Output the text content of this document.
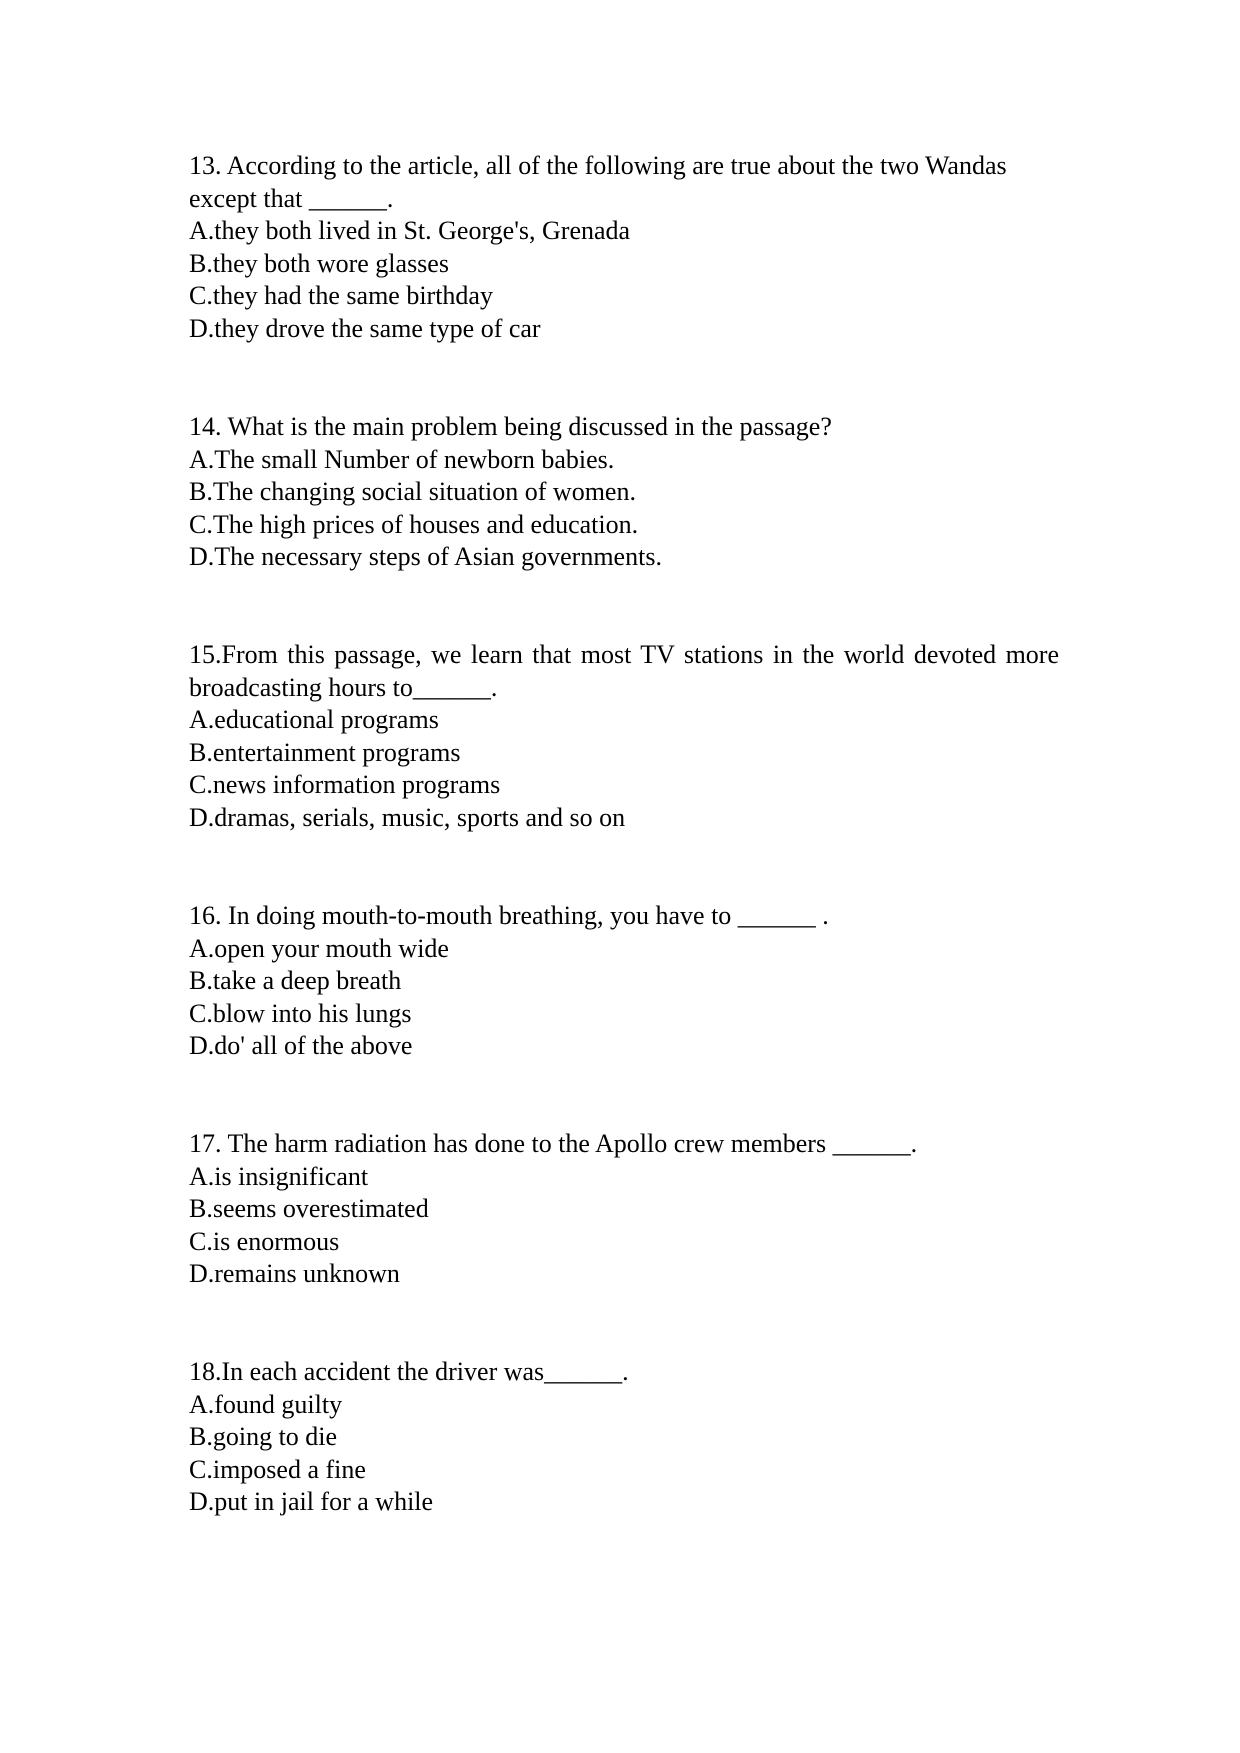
13. According to the article, all of the following are true about the two Wandas except that ______.
A.they both lived in St. George's, Grenada
B.they both wore glasses
C.they had the same birthday
D.they drove the same type of car
14. What is the main problem being discussed in the passage?
A.The small Number of newborn babies.
B.The changing social situation of women.
C.The high prices of houses and education.
D.The necessary steps of Asian governments.
15.From this passage, we learn that most TV stations in the world devoted more broadcasting hours to______.
A.educational programs
B.entertainment programs
C.news information programs
D.dramas, serials, music, sports and so on
16. In doing mouth-to-mouth breathing, you have to ______ .
A.open your mouth wide
B.take a deep breath
C.blow into his lungs
D.do' all of the above
17. The harm radiation has done to the Apollo crew members ______.
A.is insignificant
B.seems overestimated
C.is enormous
D.remains unknown
18.In each accident the driver was______.
A.found guilty
B.going to die
C.imposed a fine
D.put in jail for a while
